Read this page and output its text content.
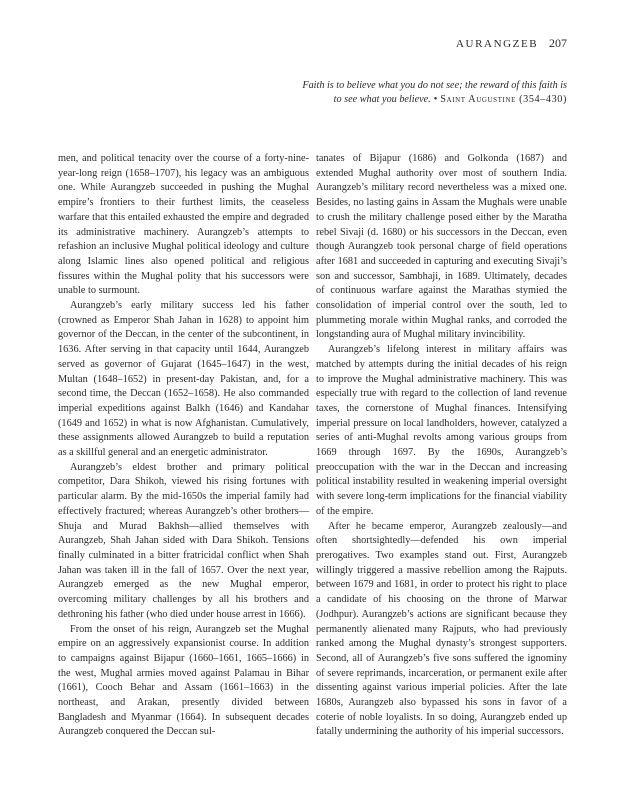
AURANGZEB 207
Faith is to believe what you do not see; the reward of this faith is
to see what you believe. • Saint Augustine (354–430)

men, and political tenacity over the course of a forty-nine-year-long reign (1658–1707), his legacy was an ambiguous one. While Aurangzeb succeeded in pushing the Mughal empire’s frontiers to their furthest limits, the ceaseless warfare that this entailed exhausted the empire and degraded its administrative machinery. Aurangzeb’s attempts to refashion an inclusive Mughal political ideology and culture along Islamic lines also opened political and religious fissures within the Mughal polity that his successors were unable to surmount.

Aurangzeb’s early military success led his father (crowned as Emperor Shah Jahan in 1628) to appoint him governor of the Deccan, in the center of the subcontinent, in 1636. After serving in that capacity until 1644, Aurangzeb served as governor of Gujarat (1645–1647) in the west, Multan (1648–1652) in present-day Pakistan, and, for a second time, the Deccan (1652–1658). He also commanded imperial expeditions against Balkh (1646) and Kandahar (1649 and 1652) in what is now Afghanistan. Cumulatively, these assignments allowed Aurangzeb to build a reputation as a skillful general and an energetic administrator.

Aurangzeb’s eldest brother and primary political competitor, Dara Shikoh, viewed his rising fortunes with particular alarm. By the mid-1650s the imperial family had effectively fractured; whereas Aurangzeb’s other brothers—Shuja and Murad Bakhsh—allied themselves with Aurangzeb, Shah Jahan sided with Dara Shikoh. Tensions finally culminated in a bitter fratricidal conflict when Shah Jahan was taken ill in the fall of 1657. Over the next year, Aurangzeb emerged as the new Mughal emperor, overcoming military challenges by all his brothers and dethroning his father (who died under house arrest in 1666).

From the onset of his reign, Aurangzeb set the Mughal empire on an aggressively expansionist course. In addition to campaigns against Bijapur (1660–1661, 1665–1666) in the west, Mughal armies moved against Palamau in Bihar (1661), Cooch Behar and Assam (1661–1663) in the northeast, and Arakan, presently divided between Bangladesh and Myanmar (1664). In subsequent decades Aurangzeb conquered the Deccan sul-

tanates of Bijapur (1686) and Golkonda (1687) and extended Mughal authority over most of southern India. Aurangzeb’s military record nevertheless was a mixed one. Besides, no lasting gains in Assam the Mughals were unable to crush the military challenge posed either by the Maratha rebel Sivaji (d. 1680) or his successors in the Deccan, even though Aurangzeb took personal charge of field operations after 1681 and succeeded in capturing and executing Sivaji’s son and successor, Sambhaji, in 1689. Ultimately, decades of continuous warfare against the Marathas stymied the consolidation of imperial control over the south, led to plummeting morale within Mughal ranks, and corroded the longstanding aura of Mughal military invincibility.

Aurangzeb’s lifelong interest in military affairs was matched by attempts during the initial decades of his reign to improve the Mughal administrative machinery. This was especially true with regard to the collection of land revenue taxes, the cornerstone of Mughal finances. Intensifying imperial pressure on local landholders, however, catalyzed a series of anti-Mughal revolts among various groups from 1669 through 1697. By the 1690s, Aurangzeb’s preoccupation with the war in the Deccan and increasing political instability resulted in weakening imperial oversight with severe long-term implications for the financial viability of the empire.

After he became emperor, Aurangzeb zealously—and often shortsightedly—defended his own imperial prerogatives. Two examples stand out. First, Aurangzeb willingly triggered a massive rebellion among the Rajputs. between 1679 and 1681, in order to protect his right to place a candidate of his choosing on the throne of Marwar (Jodhpur). Aurangzeb’s actions are significant because they permanently alienated many Rajputs, who had previously ranked among the Mughal dynasty’s strongest supporters. Second, all of Aurangzeb’s five sons suffered the ignominy of severe reprimands, incarceration, or permanent exile after dissenting against various imperial policies. After the late 1680s, Aurangzeb also bypassed his sons in favor of a coterie of noble loyalists. In so doing, Aurangzeb ended up fatally undermining the authority of his imperial successors.
